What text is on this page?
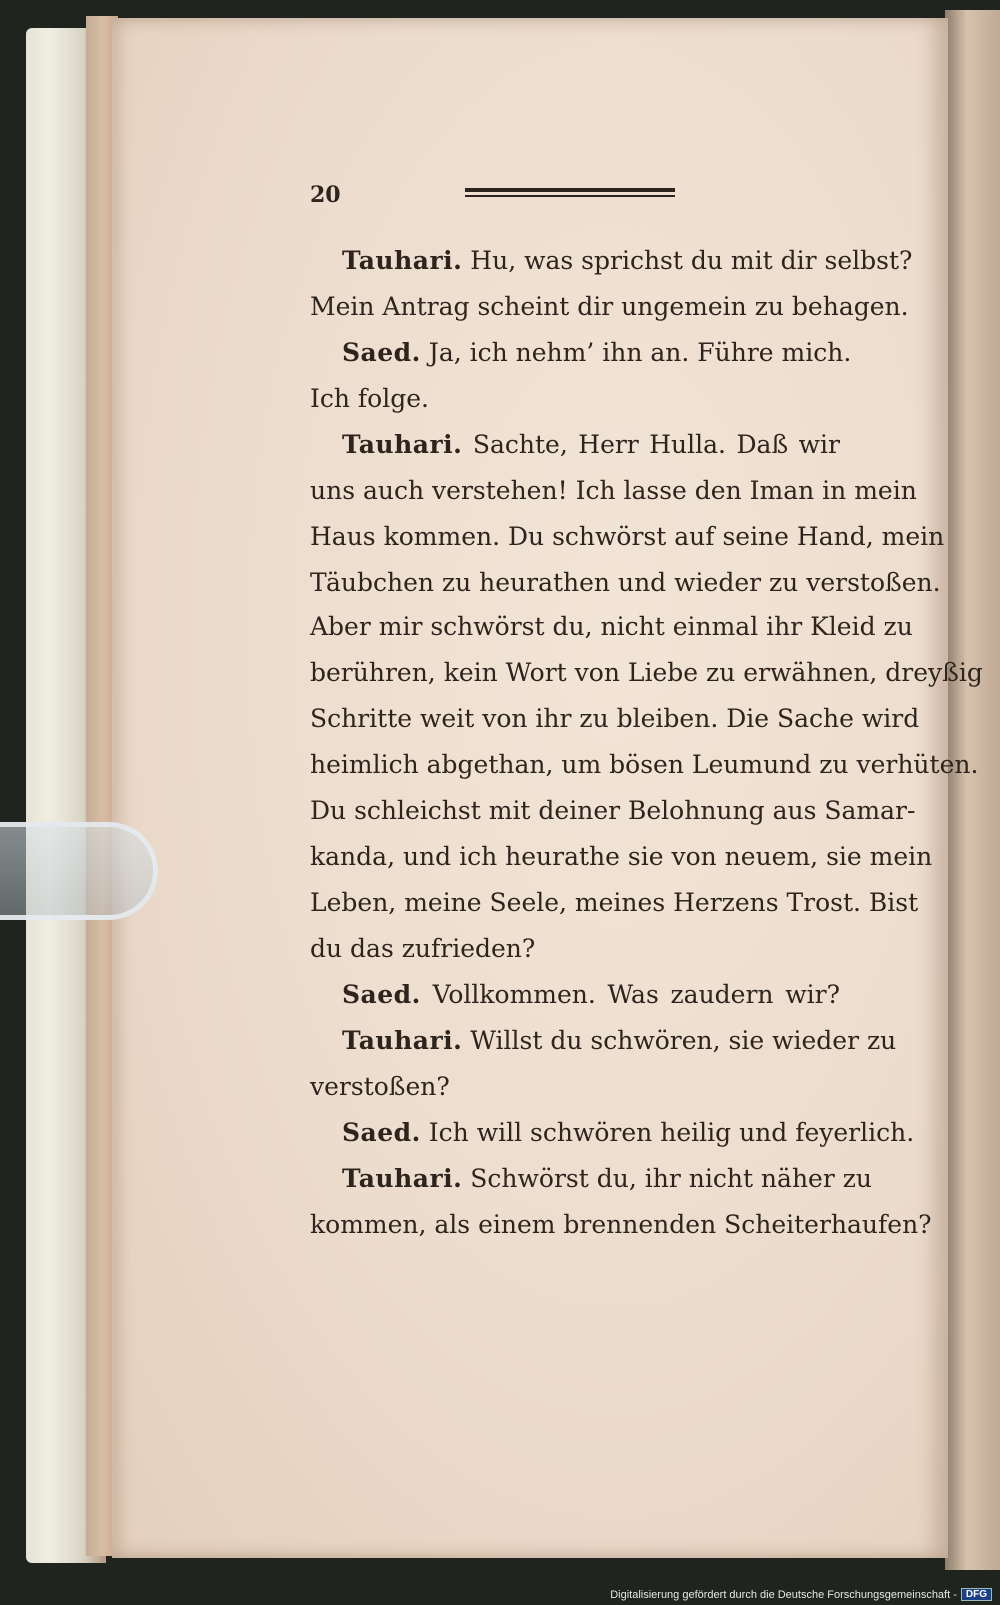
20
Tauhari. Hu, was sprichst du mit dir selbst?
Mein Antrag scheint dir ungemein zu behagen.
Saed. Ja, ich nehm’ ihn an. Führe mich.
Ich folge.
Tauhari. Sachte, Herr Hulla. Daß wir
uns auch verstehen! Ich lasse den Iman in mein
Haus kommen. Du schwörst auf seine Hand, mein
Täubchen zu heurathen und wieder zu verstoßen.
Aber mir schwörst du, nicht einmal ihr Kleid zu
berühren, kein Wort von Liebe zu erwähnen, dreyßig
Schritte weit von ihr zu bleiben. Die Sache wird
heimlich abgethan, um bösen Leumund zu verhüten.
Du schleichst mit deiner Belohnung aus Samar-
kanda, und ich heurathe sie von neuem, sie mein
Leben, meine Seele, meines Herzens Trost. Bist
du das zufrieden?
Saed. Vollkommen. Was zaudern wir?
Tauhari. Willst du schwören, sie wieder zu
verstoßen?
Saed. Ich will schwören heilig und feyerlich.
Tauhari. Schwörst du, ihr nicht näher zu
kommen, als einem brennenden Scheiterhaufen?
Digitalisierung gefördert durch die Deutsche Forschungsgemeinschaft - DFG
